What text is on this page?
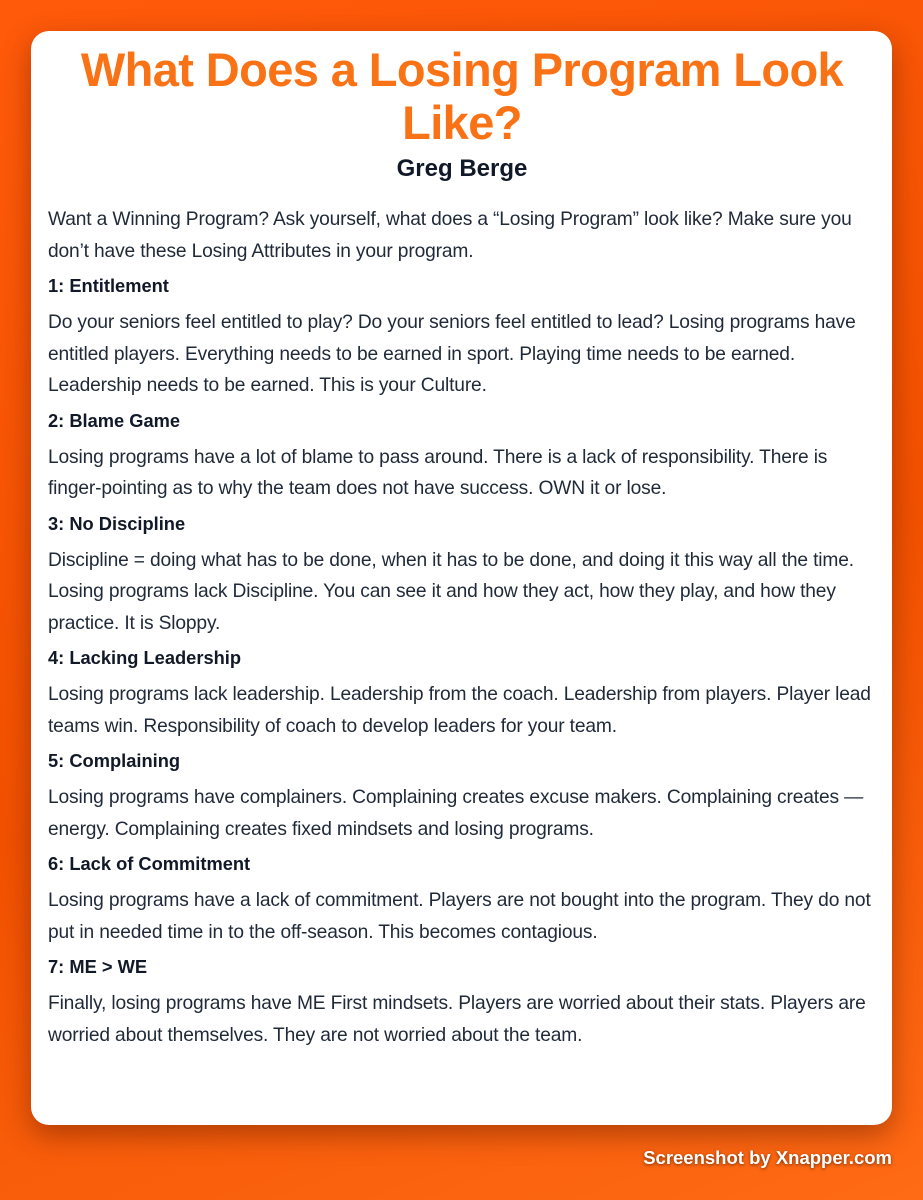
What Does a Losing Program Look Like?
Greg Berge

Want a Winning Program? Ask yourself, what does a “Losing Program” look like? Make sure you don’t have these Losing Attributes in your program.

1: Entitlement

Do your seniors feel entitled to play? Do your seniors feel entitled to lead? Losing programs have entitled players. Everything needs to be earned in sport. Playing time needs to be earned. Leadership needs to be earned. This is your Culture.

2: Blame Game

Losing programs have a lot of blame to pass around. There is a lack of responsibility. There is finger-pointing as to why the team does not have success. OWN it or lose.

3: No Discipline

Discipline = doing what has to be done, when it has to be done, and doing it this way all the time. Losing programs lack Discipline. You can see it and how they act, how they play, and how they practice. It is Sloppy.

4: Lacking Leadership

Losing programs lack leadership. Leadership from the coach. Leadership from players. Player lead teams win. Responsibility of coach to develop leaders for your team.

5: Complaining

Losing programs have complainers. Complaining creates excuse makers. Complaining creates — energy. Complaining creates fixed mindsets and losing programs.

6: Lack of Commitment

Losing programs have a lack of commitment. Players are not bought into the program. They do not put in needed time in to the off-season. This becomes contagious.

7: ME > WE

Finally, losing programs have ME First mindsets. Players are worried about their stats. Players are worried about themselves. They are not worried about the team.

Screenshot by Xnapper.com
